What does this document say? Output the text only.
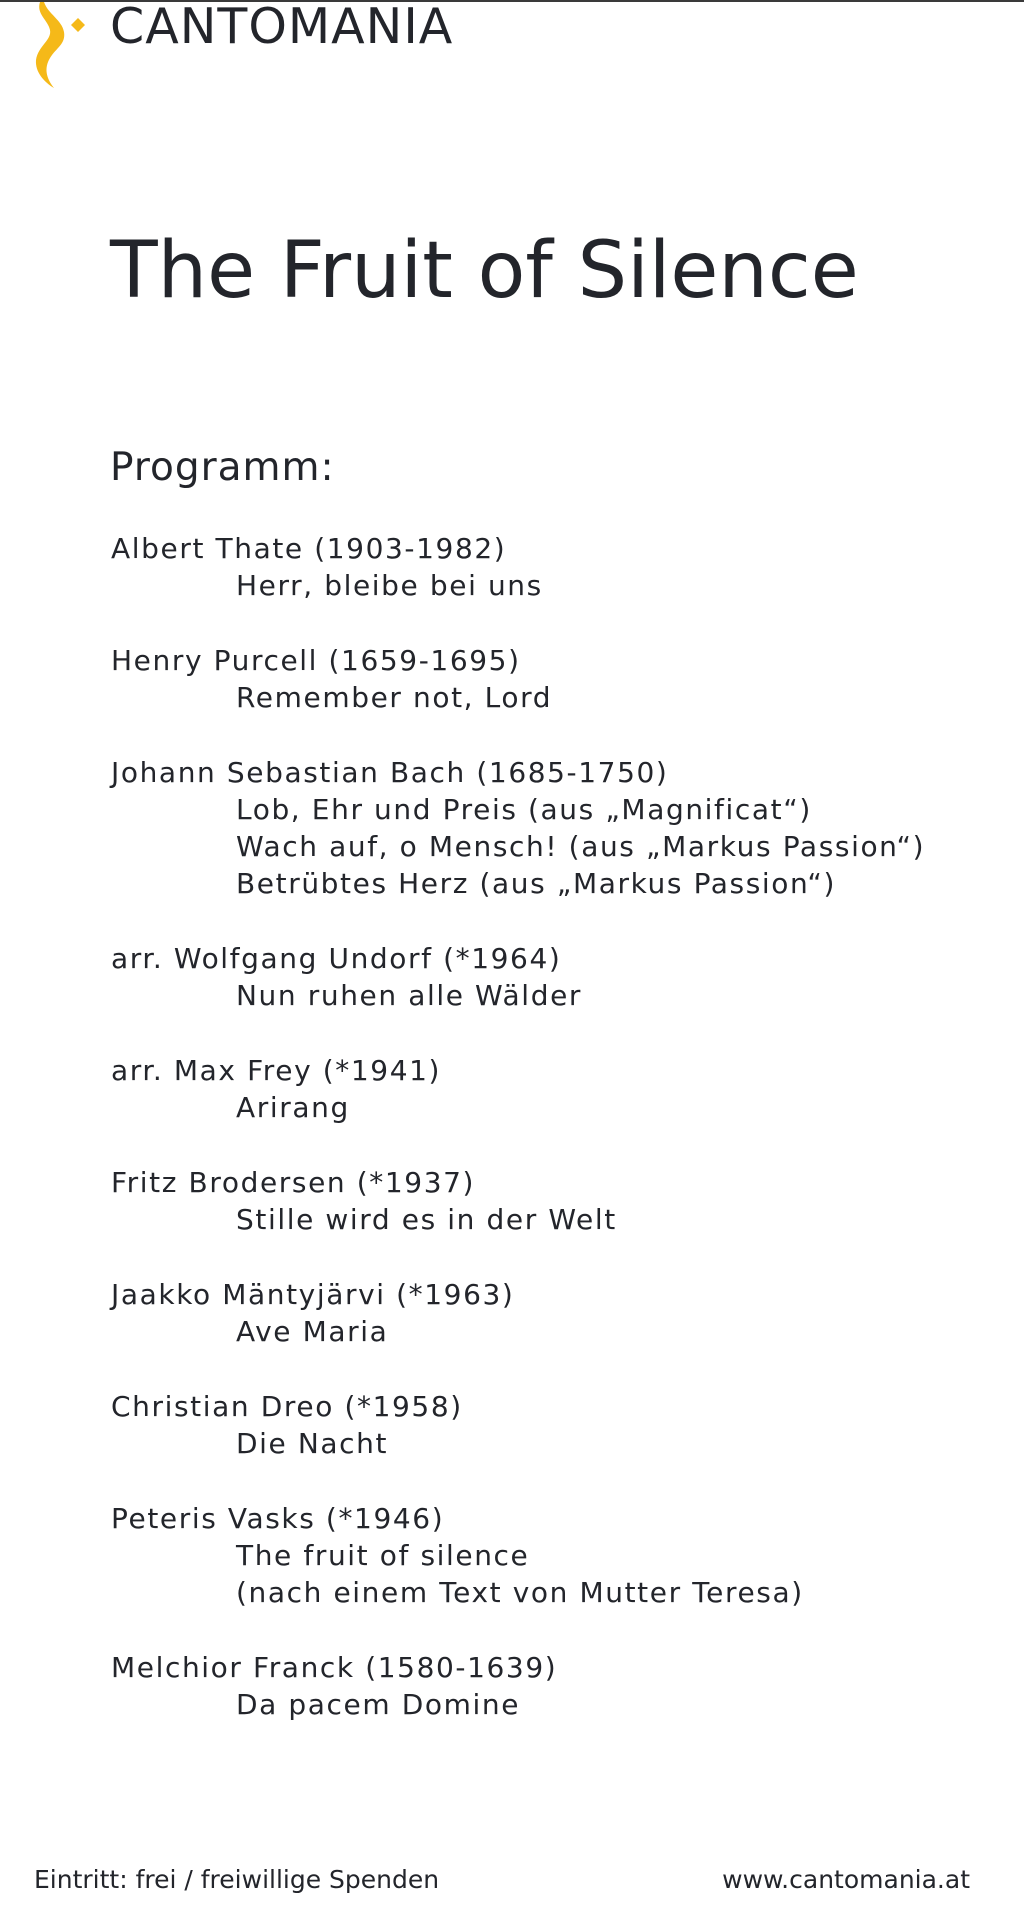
CANTOMANIA
The Fruit of Silence
Programm:
Albert Thate (1903-1982)
Herr, bleibe bei uns
Henry Purcell (1659-1695)
Remember not, Lord
Johann Sebastian Bach (1685-1750)
Lob, Ehr und Preis (aus „Magnificat“)
Wach auf, o Mensch! (aus „Markus Passion“)
Betrübtes Herz (aus „Markus Passion“)
arr. Wolfgang Undorf (*1964)
Nun ruhen alle Wälder
arr. Max Frey (*1941)
Arirang
Fritz Brodersen (*1937)
Stille wird es in der Welt
Jaakko Mäntyjärvi (*1963)
Ave Maria
Christian Dreo (*1958)
Die Nacht
Peteris Vasks (*1946)
The fruit of silence
(nach einem Text von Mutter Teresa)
Melchior Franck (1580-1639)
Da pacem Domine
Eintritt: frei / freiwillige Spenden	www.cantomania.at
